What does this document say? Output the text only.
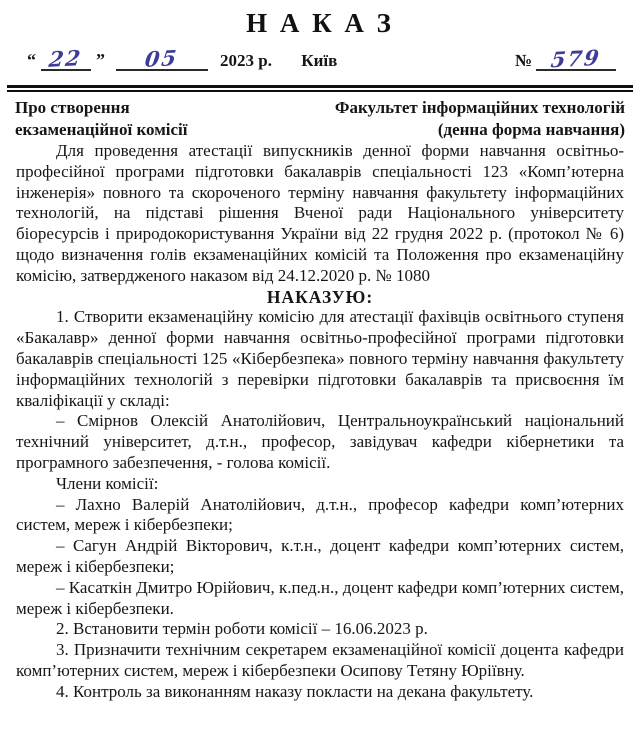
Н А К А З
“ 22 ”	05	2023 р. Київ	№ 579
Про створення
екзаменаційної комісії
Факультет інформаційних технологій
(денна форма навчання)

Для проведення атестації випускників денної форми навчання освітньо-професійної програми підготовки бакалаврів спеціальності 123 «Комп’ютерна інженерія» повного та скороченого терміну навчання факультету інформаційних технологій, на підставі рішення Вченої ради Національного університету біоресурсів і природокористування України від 22 грудня 2022 р. (протокол № 6) щодо визначення голів екзаменаційних комісій та Положення про екзаменаційну комісію, затвердженого наказом від 24.12.2020 р. № 1080

НАКАЗУЮ:

1. Створити екзаменаційну комісію для атестації фахівців освітнього ступеня «Бакалавр» денної форми навчання освітньо-професійної програми підготовки бакалаврів спеціальності 125 «Кібербезпека» повного терміну навчання факультету інформаційних технологій з перевірки підготовки бакалаврів та присвоєння їм кваліфікації у складі:

– Смірнов Олексій Анатолійович, Центральноукраїнський національний технічний університет, д.т.н., професор, завідувач кафедри кібернетики та програмного забезпечення, - голова комісії.

Члени комісії:

– Лахно Валерій Анатолійович, д.т.н., професор кафедри комп’ютерних систем, мереж і кібербезпеки;

– Сагун Андрій Вікторович, к.т.н., доцент кафедри комп’ютерних систем, мереж і кібербезпеки;

– Касаткін Дмитро Юрійович, к.пед.н., доцент кафедри комп’ютерних систем, мереж і кібербезпеки.

2. Встановити термін роботи комісії – 16.06.2023 р.

3. Призначити технічним секретарем екзаменаційної комісії доцента кафедри комп’ютерних систем, мереж і кібербезпеки Осипову Тетяну Юріївну.

4. Контроль за виконанням наказу покласти на декана факультету.
